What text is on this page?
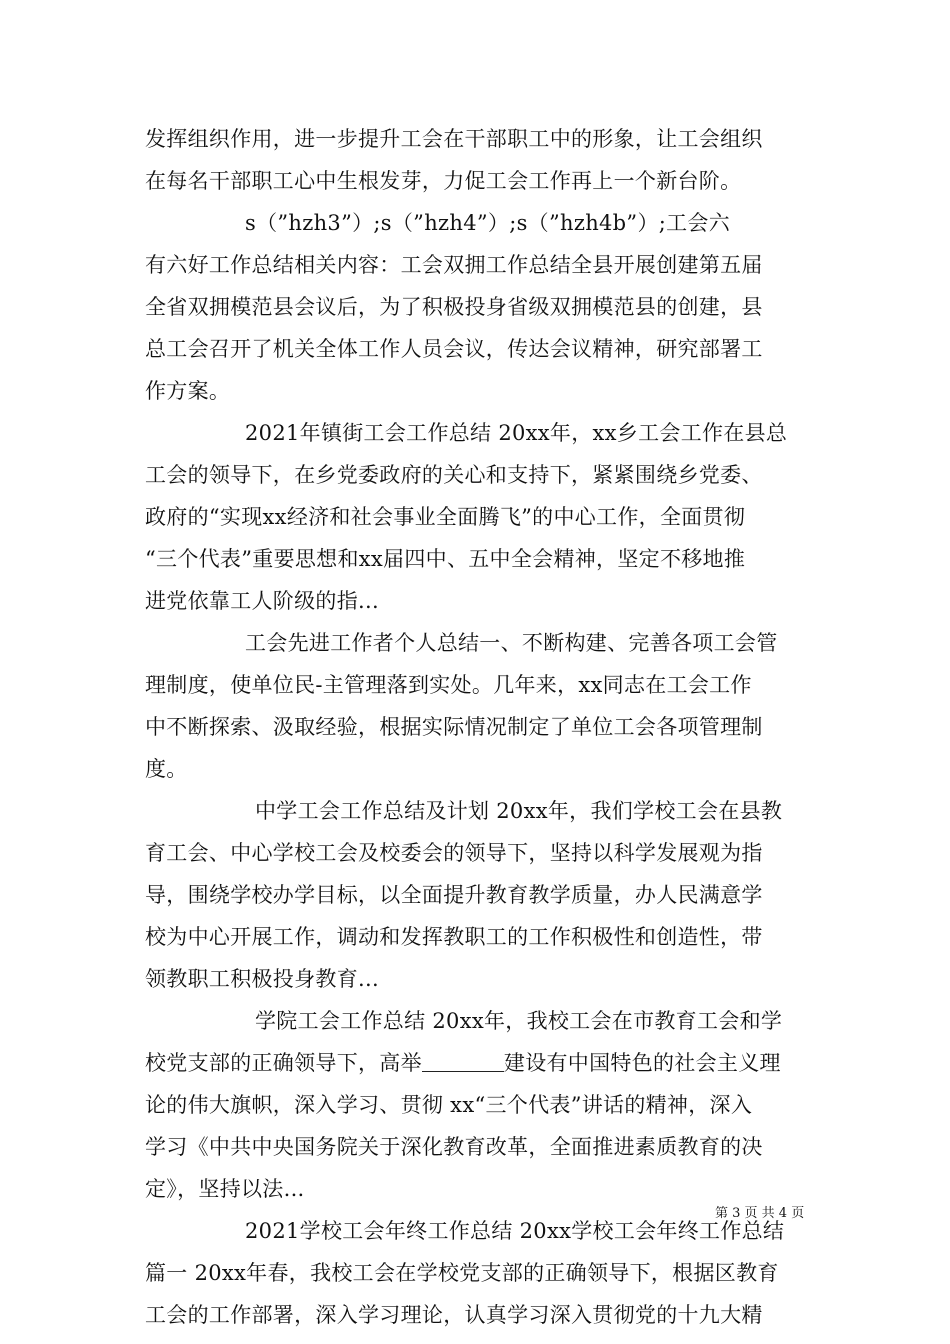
发挥组织作用，进一步提升工会在干部职工中的形象，让工会组织
在每名干部职工心中生根发芽，力促工会工作再上一个新台阶。
s（”hzh3”）;s（”hzh4”）;s（”hzh4b”）;工会六
有六好工作总结相关内容：工会双拥工作总结全县开展创建第五届
全省双拥模范县会议后，为了积极投身省级双拥模范县的创建，县
总工会召开了机关全体工作人员会议，传达会议精神，研究部署工
作方案。
2021年镇街工会工作总结 20xx年，xx乡工会工作在县总
工会的领导下，在乡党委政府的关心和支持下，紧紧围绕乡党委、
政府的“实现xx经济和社会事业全面腾飞”的中心工作，全面贯彻
“三个代表”重要思想和xx届四中、五中全会精神，坚定不移地推
进党依靠工人阶级的指...
工会先进工作者个人总结一、不断构建、完善各项工会管
理制度，使单位民-主管理落到实处。几年来，xx同志在工会工作
中不断探索、汲取经验，根据实际情况制定了单位工会各项管理制
度。
中学工会工作总结及计划 20xx年，我们学校工会在县教
育工会、中心学校工会及校委会的领导下，坚持以科学发展观为指
导，围绕学校办学目标，以全面提升教育教学质量，办人民满意学
校为中心开展工作，调动和发挥教职工的工作积极性和创造性，带
领教职工积极投身教育...
学院工会工作总结 20xx年，我校工会在市教育工会和学
校党支部的正确领导下，高举	建设有中国特色的社会主义理
论的伟大旗帜，深入学习、贯彻 xx“三个代表”讲话的精神，深入
学习《中共中央国务院关于深化教育改革，全面推进素质教育的决
定》，坚持以法...
2021学校工会年终工作总结 20xx学校工会年终工作总结
篇一 20xx年春，我校工会在学校党支部的正确领导下，根据区教育
工会的工作部署，深入学习理论，认真学习深入贯彻党的十九大精
第 3 页 共 4 页
